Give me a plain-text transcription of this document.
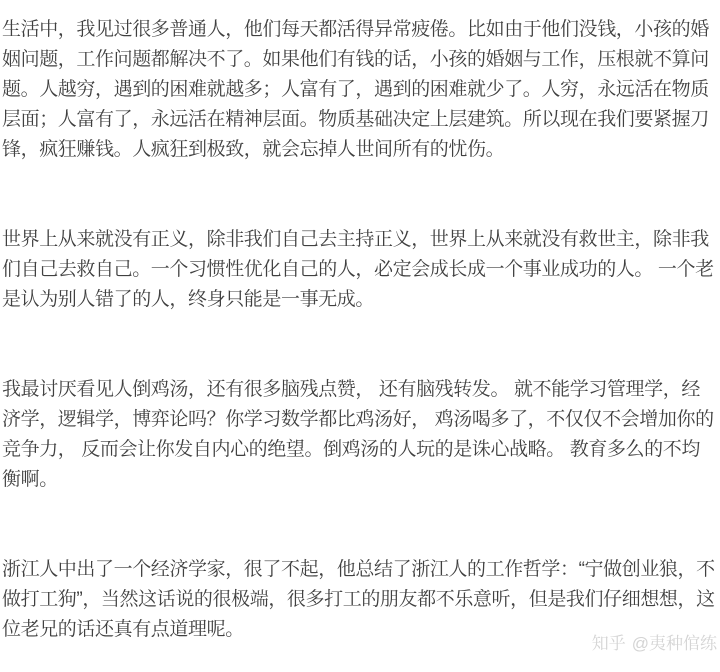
生活中，我见过很多普通人，他们每天都活得异常疲倦。比如由于他们没钱，小孩的婚姻问题，工作问题都解决不了。如果他们有钱的话，小孩的婚姻与工作，压根就不算问题。人越穷，遇到的困难就越多；人富有了，遇到的困难就少了。人穷，永远活在物质层面；人富有了，永远活在精神层面。物质基础决定上层建筑。所以现在我们要紧握刀锋，疯狂赚钱。人疯狂到极致，就会忘掉人世间所有的忧伤。

世界上从来就没有正义，除非我们自己去主持正义，世界上从来就没有救世主，除非我们自己去救自己。一个习惯性优化自己的人，必定会成长成一个事业成功的人。 一个老是认为别人错了的人，终身只能是一事无成。

我最讨厌看见人倒鸡汤，还有很多脑残点赞， 还有脑残转发。 就不能学习管理学，经济学，逻辑学，博弈论吗？你学习数学都比鸡汤好， 鸡汤喝多了，不仅仅不会增加你的竞争力， 反而会让你发自内心的绝望。倒鸡汤的人玩的是诛心战略。 教育多么的不均衡啊。

浙江人中出了一个经济学家，很了不起，他总结了浙江人的工作哲学：“宁做创业狼，不做打工狗”，当然这话说的很极端，很多打工的朋友都不乐意听，但是我们仔细想想，这位老兄的话还真有点道理呢。

知乎 @夷种倌练
